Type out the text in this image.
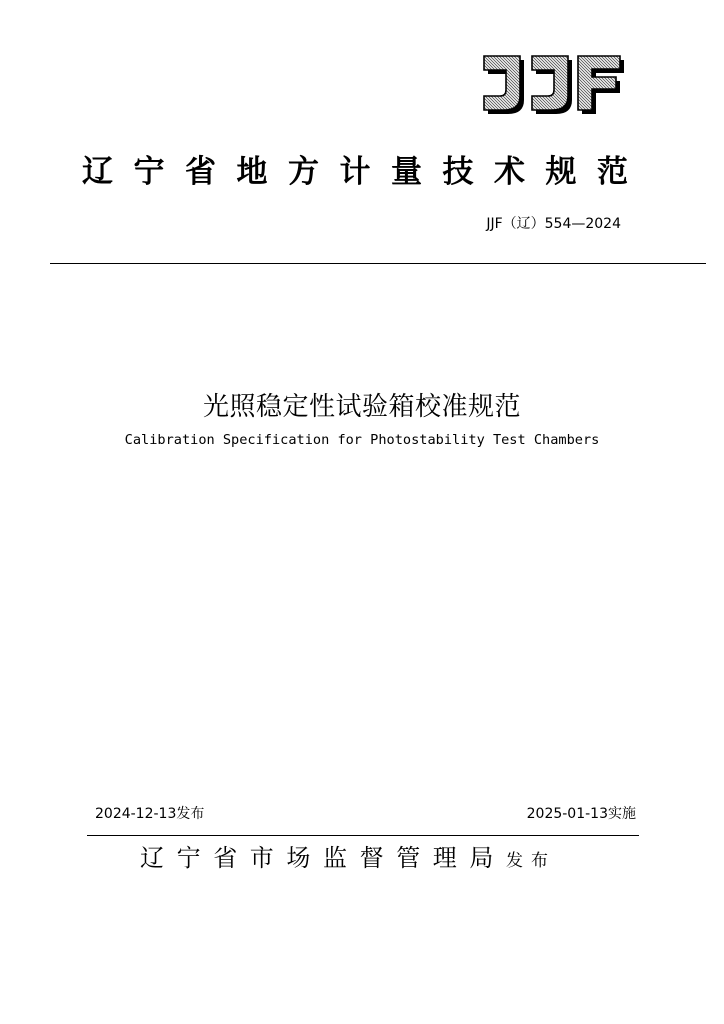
辽宁省地方计量技术规范
JJF（辽）554—2024
光照稳定性试验箱校准规范
Calibration Specification for Photostability Test Chambers
2024-12-13发布	2025-01-13实施
辽宁省市场监督管理局发布
